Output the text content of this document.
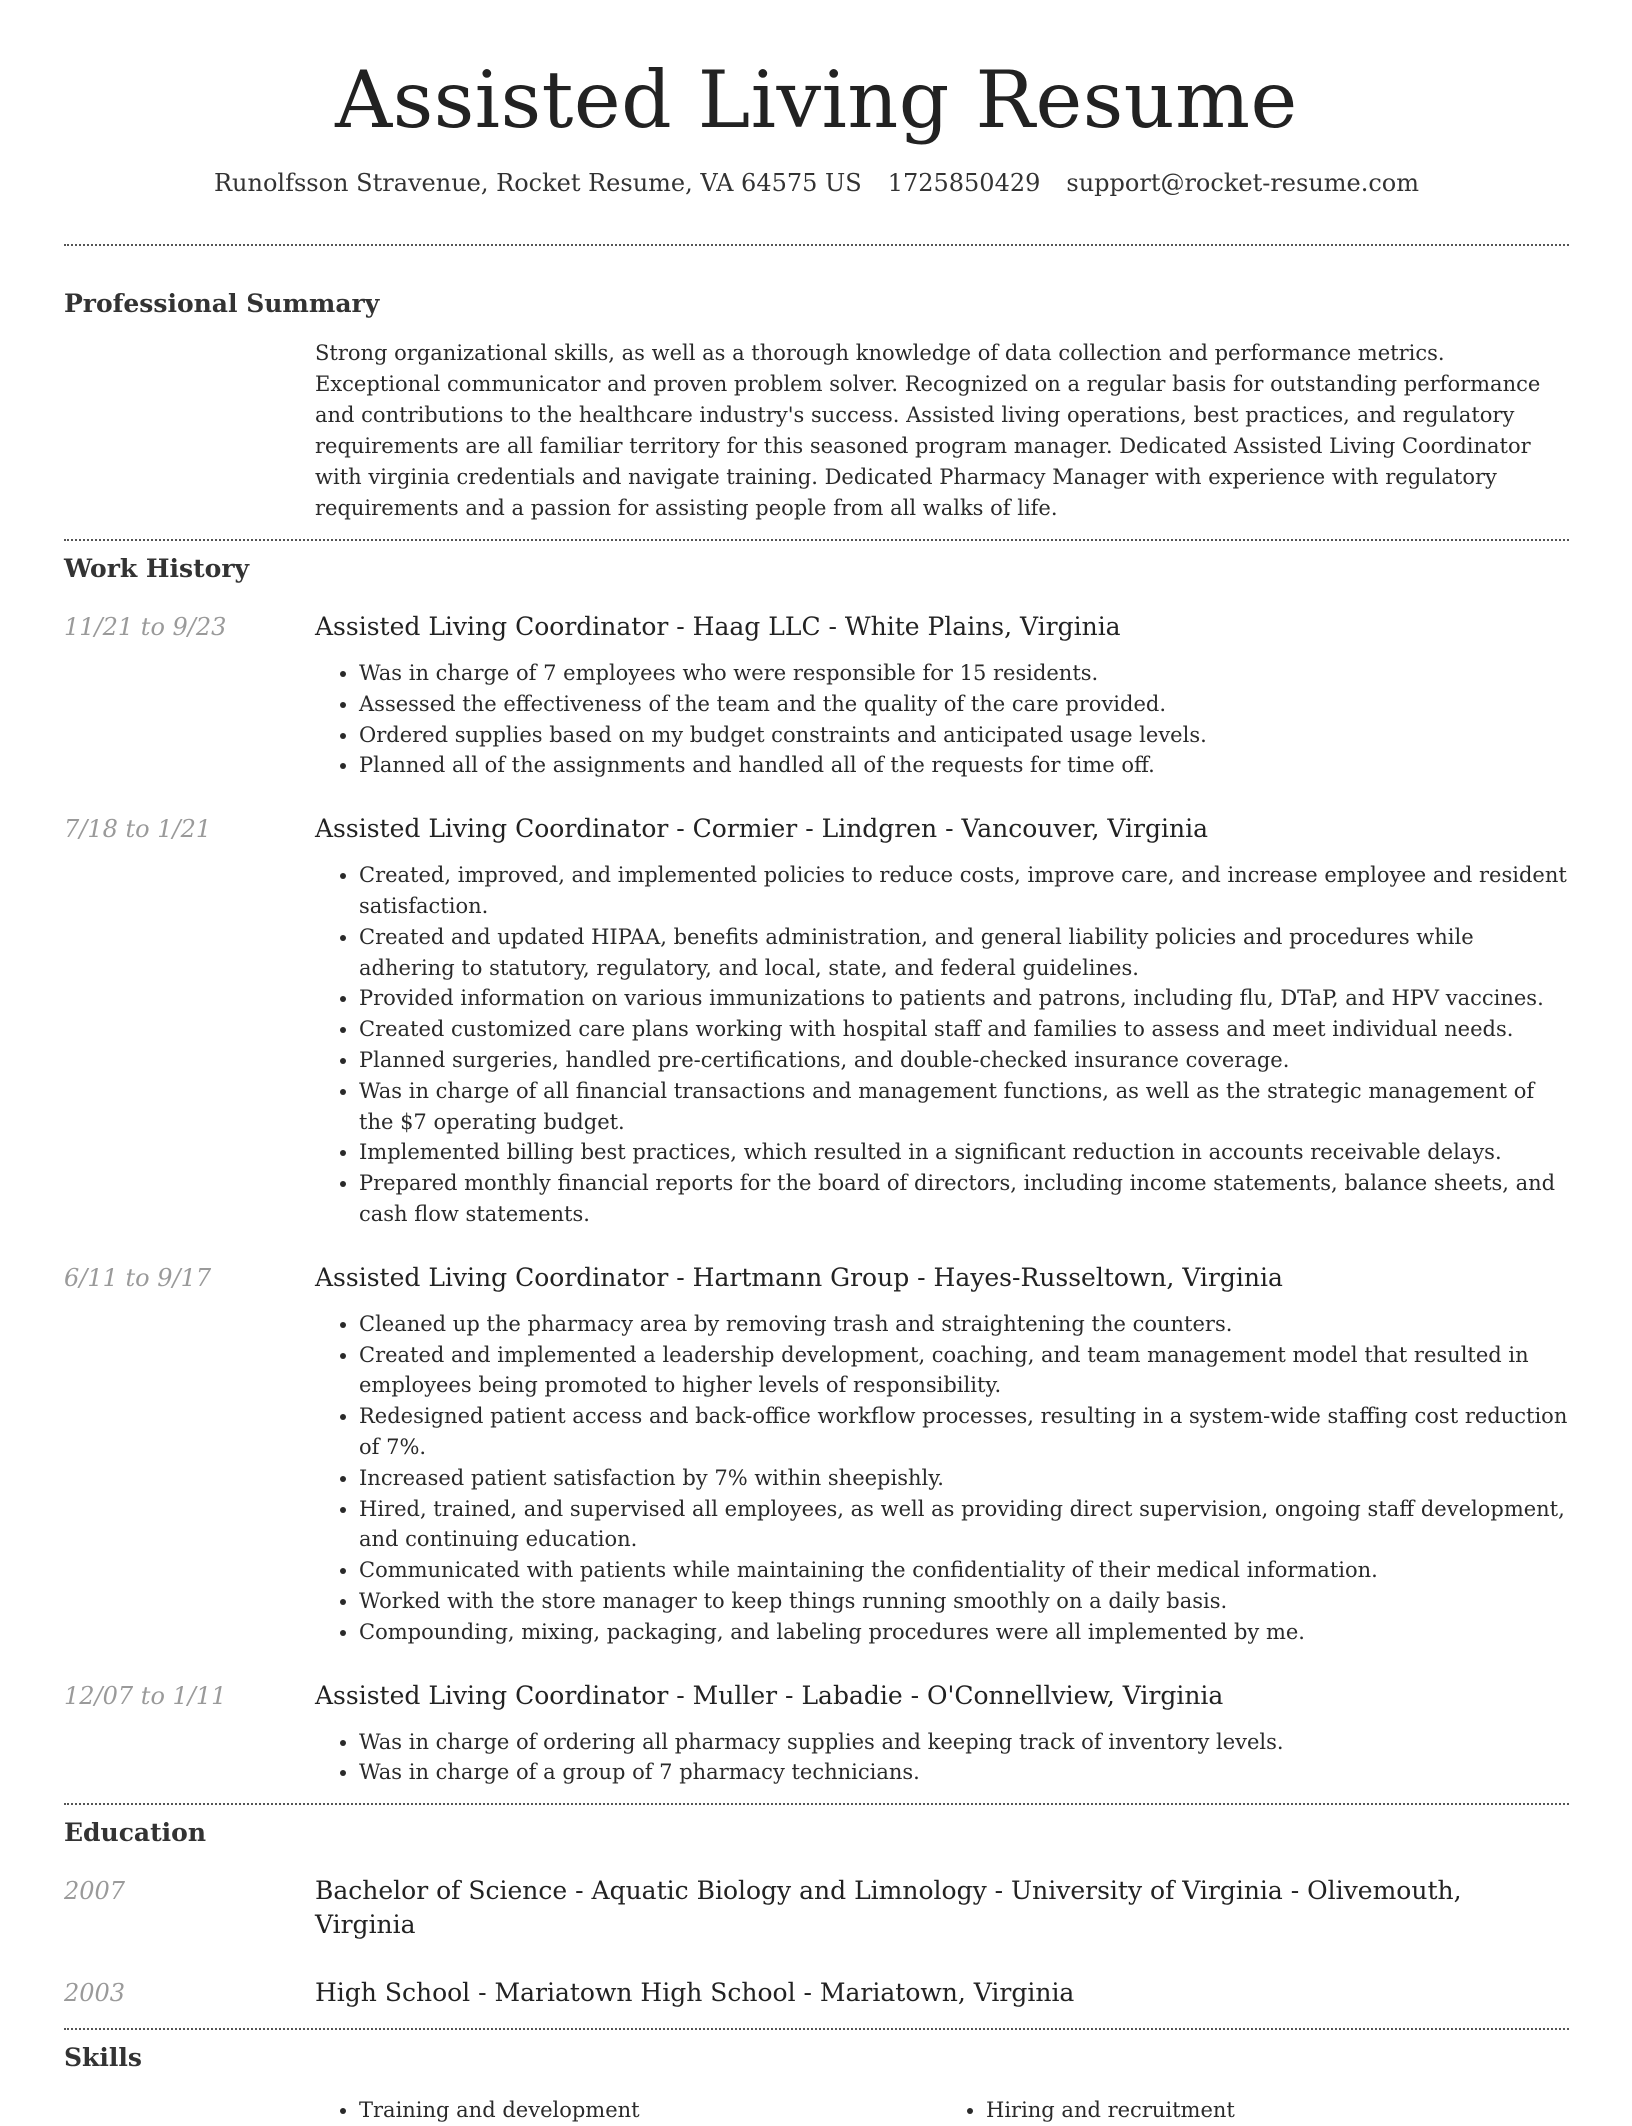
Assisted Living Resume
Runolfsson Stravenue, Rocket Resume, VA 64575 US 1725850429 support@rocket-resume.com
Professional Summary

Strong organizational skills, as well as a thorough knowledge of data collection and performance metrics. Exceptional communicator and proven problem solver. Recognized on a regular basis for outstanding performance and contributions to the healthcare industry's success. Assisted living operations, best practices, and regulatory requirements are all familiar territory for this seasoned program manager. Dedicated Assisted Living Coordinator with virginia credentials and navigate training. Dedicated Pharmacy Manager with experience with regulatory requirements and a passion for assisting people from all walks of life.

Work History
11/21 to 9/23	Assisted Living Coordinator - Haag LLC - White Plains, Virginia
• Was in charge of 7 employees who were responsible for 15 residents.
• Assessed the effectiveness of the team and the quality of the care provided.
• Ordered supplies based on my budget constraints and anticipated usage levels.
• Planned all of the assignments and handled all of the requests for time off.
7/18 to 1/21	Assisted Living Coordinator - Cormier - Lindgren - Vancouver, Virginia
• Created, improved, and implemented policies to reduce costs, improve care, and increase employee and resident satisfaction.
• Created and updated HIPAA, benefits administration, and general liability policies and procedures while adhering to statutory, regulatory, and local, state, and federal guidelines.
• Provided information on various immunizations to patients and patrons, including flu, DTaP, and HPV vaccines.
• Created customized care plans working with hospital staff and families to assess and meet individual needs.
• Planned surgeries, handled pre-certifications, and double-checked insurance coverage.
• Was in charge of all financial transactions and management functions, as well as the strategic management of the $7 operating budget.
• Implemented billing best practices, which resulted in a significant reduction in accounts receivable delays.
• Prepared monthly financial reports for the board of directors, including income statements, balance sheets, and cash flow statements.
6/11 to 9/17	Assisted Living Coordinator - Hartmann Group - Hayes-Russeltown, Virginia
• Cleaned up the pharmacy area by removing trash and straightening the counters.
• Created and implemented a leadership development, coaching, and team management model that resulted in employees being promoted to higher levels of responsibility.
• Redesigned patient access and back-office workflow processes, resulting in a system-wide staffing cost reduction of 7%.
• Increased patient satisfaction by 7% within sheepishly.
• Hired, trained, and supervised all employees, as well as providing direct supervision, ongoing staff development, and continuing education.
• Communicated with patients while maintaining the confidentiality of their medical information.
• Worked with the store manager to keep things running smoothly on a daily basis.
• Compounding, mixing, packaging, and labeling procedures were all implemented by me.
12/07 to 1/11	Assisted Living Coordinator - Muller - Labadie - O'Connellview, Virginia
• Was in charge of ordering all pharmacy supplies and keeping track of inventory levels.
• Was in charge of a group of 7 pharmacy technicians.
Education
2007	Bachelor of Science - Aquatic Biology and Limnology - University of Virginia - Olivemouth, Virginia
2003	High School - Mariatown High School - Mariatown, Virginia
Skills
• Training and development
•	Hiring and recruitment
